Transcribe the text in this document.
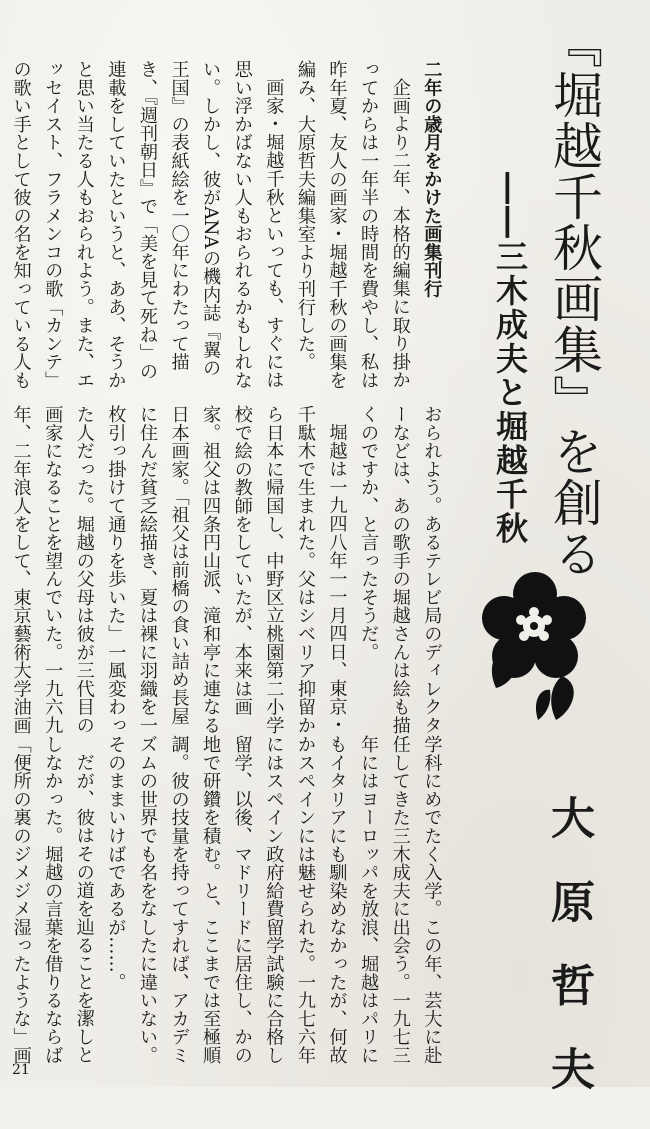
『堀越千秋画集』を創る
――三木成夫と堀越千秋
大原哲夫

二年の歳月をかけた画集刊行

企画より二年、本格的編集に取り掛か

ってからは一年半の時間を費やし、私は

昨年夏、友人の画家・堀越千秋の画集を

編み、大原哲夫編集室より刊行した。

画家・堀越千秋といっても、すぐには

思い浮かばない人もおられるかもしれな

い。しかし、彼がANAの機内誌『翼の

王国』の表紙絵を一〇年にわたって描

き、『週刊朝日』で「美を見て死ね」の

連載をしていたというと、ああ、そうか

と思い当たる人もおられよう。また、エ

ッセイスト、フラメンコの歌「カンテ」

の歌い手として彼の名を知っている人も

おられよう。あるテレビ局のディレクタ

ーなどは、あの歌手の堀越さんは絵も描

くのですか、と言ったそうだ。

堀越は一九四八年一一月四日、東京・

千駄木で生まれた。父はシベリア抑留か

ら日本に帰国し、中野区立桃園第二小学

校で絵の教師をしていたが、本来は画

家。祖父は四条円山派、滝和亭に連なる

日本画家。「祖父は前橋の食い詰め長屋

に住んだ貧乏絵描き、夏は裸に羽織を一

枚引っ掛けて通りを歩いた」一風変わっ

た人だった。堀越の父母は彼が三代目の

画家になることを望んでいた。一九六九

年、二年浪人をして、東京藝術大学油画

学科にめでたく入学。この年、芸大に赴

任してきた三木成夫に出会う。一九七三

年にはヨーロッパを放浪、堀越はパリに

もイタリアにも馴染めなかったが、何故

かスペインには魅せられた。一九七六年

にはスペイン政府給費留学試験に合格し

留学、以後、マドリードに居住し、かの

地で研鑽を積む。と、ここまでは至極順

調。彼の技量を持ってすれば、アカデミ

ズムの世界でも名をなしたに違いない。

そのままいけばであるが……。

だが、彼はその道を辿ることを潔しと

しなかった。堀越の言葉を借りるならば

「便所の裏のジメジメ湿ったような」画

21
